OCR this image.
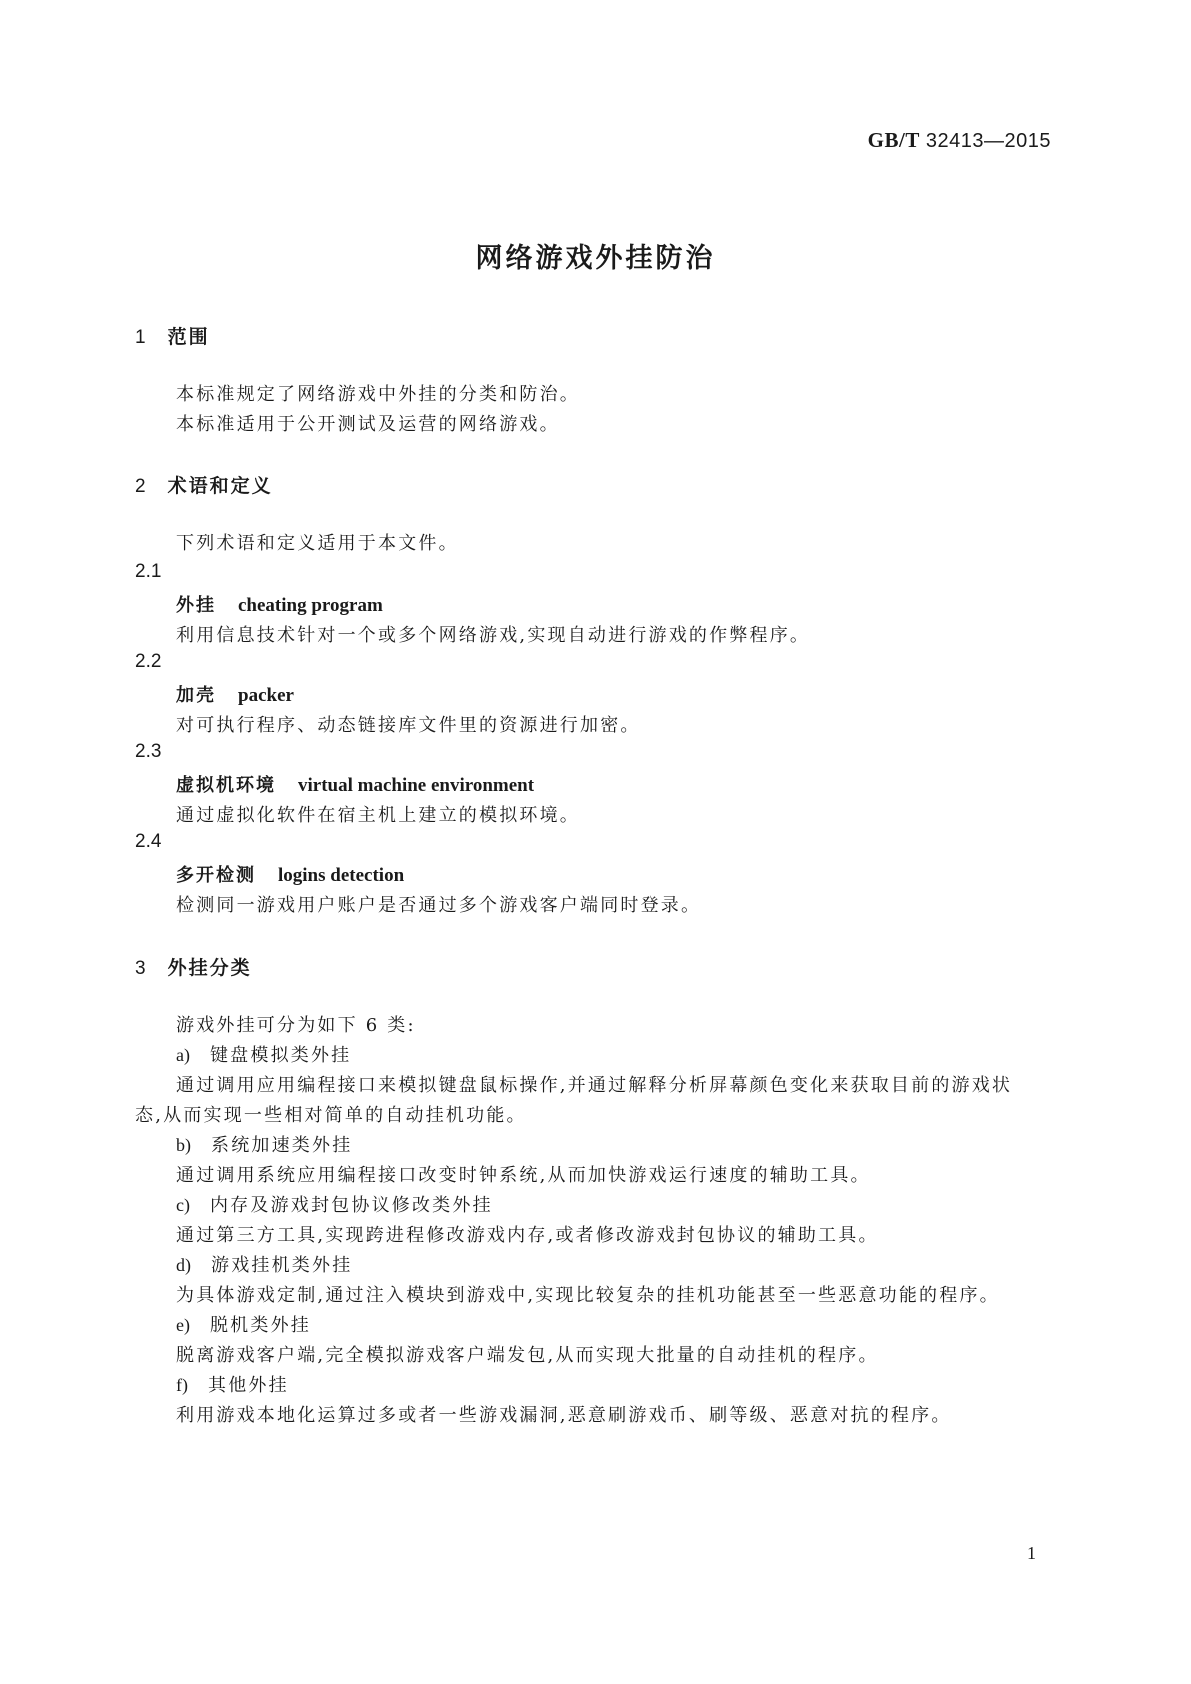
GB/T 32413—2015
网络游戏外挂防治
1 范围
本标准规定了网络游戏中外挂的分类和防治。
本标准适用于公开测试及运营的网络游戏。
2 术语和定义
下列术语和定义适用于本文件。
2.1
外挂 cheating program
利用信息技术针对一个或多个网络游戏,实现自动进行游戏的作弊程序。
2.2
加壳 packer
对可执行程序、动态链接库文件里的资源进行加密。
2.3
虚拟机环境 virtual machine environment
通过虚拟化软件在宿主机上建立的模拟环境。
2.4
多开检测 logins detection
检测同一游戏用户账户是否通过多个游戏客户端同时登录。
3 外挂分类
游戏外挂可分为如下 6 类:
a) 键盘模拟类外挂
通过调用应用编程接口来模拟键盘鼠标操作,并通过解释分析屏幕颜色变化来获取目前的游戏状
态,从而实现一些相对简单的自动挂机功能。
b) 系统加速类外挂
通过调用系统应用编程接口改变时钟系统,从而加快游戏运行速度的辅助工具。
c) 内存及游戏封包协议修改类外挂
通过第三方工具,实现跨进程修改游戏内存,或者修改游戏封包协议的辅助工具。
d) 游戏挂机类外挂
为具体游戏定制,通过注入模块到游戏中,实现比较复杂的挂机功能甚至一些恶意功能的程序。
e) 脱机类外挂
脱离游戏客户端,完全模拟游戏客户端发包,从而实现大批量的自动挂机的程序。
f) 其他外挂
利用游戏本地化运算过多或者一些游戏漏洞,恶意刷游戏币、刷等级、恶意对抗的程序。
1
